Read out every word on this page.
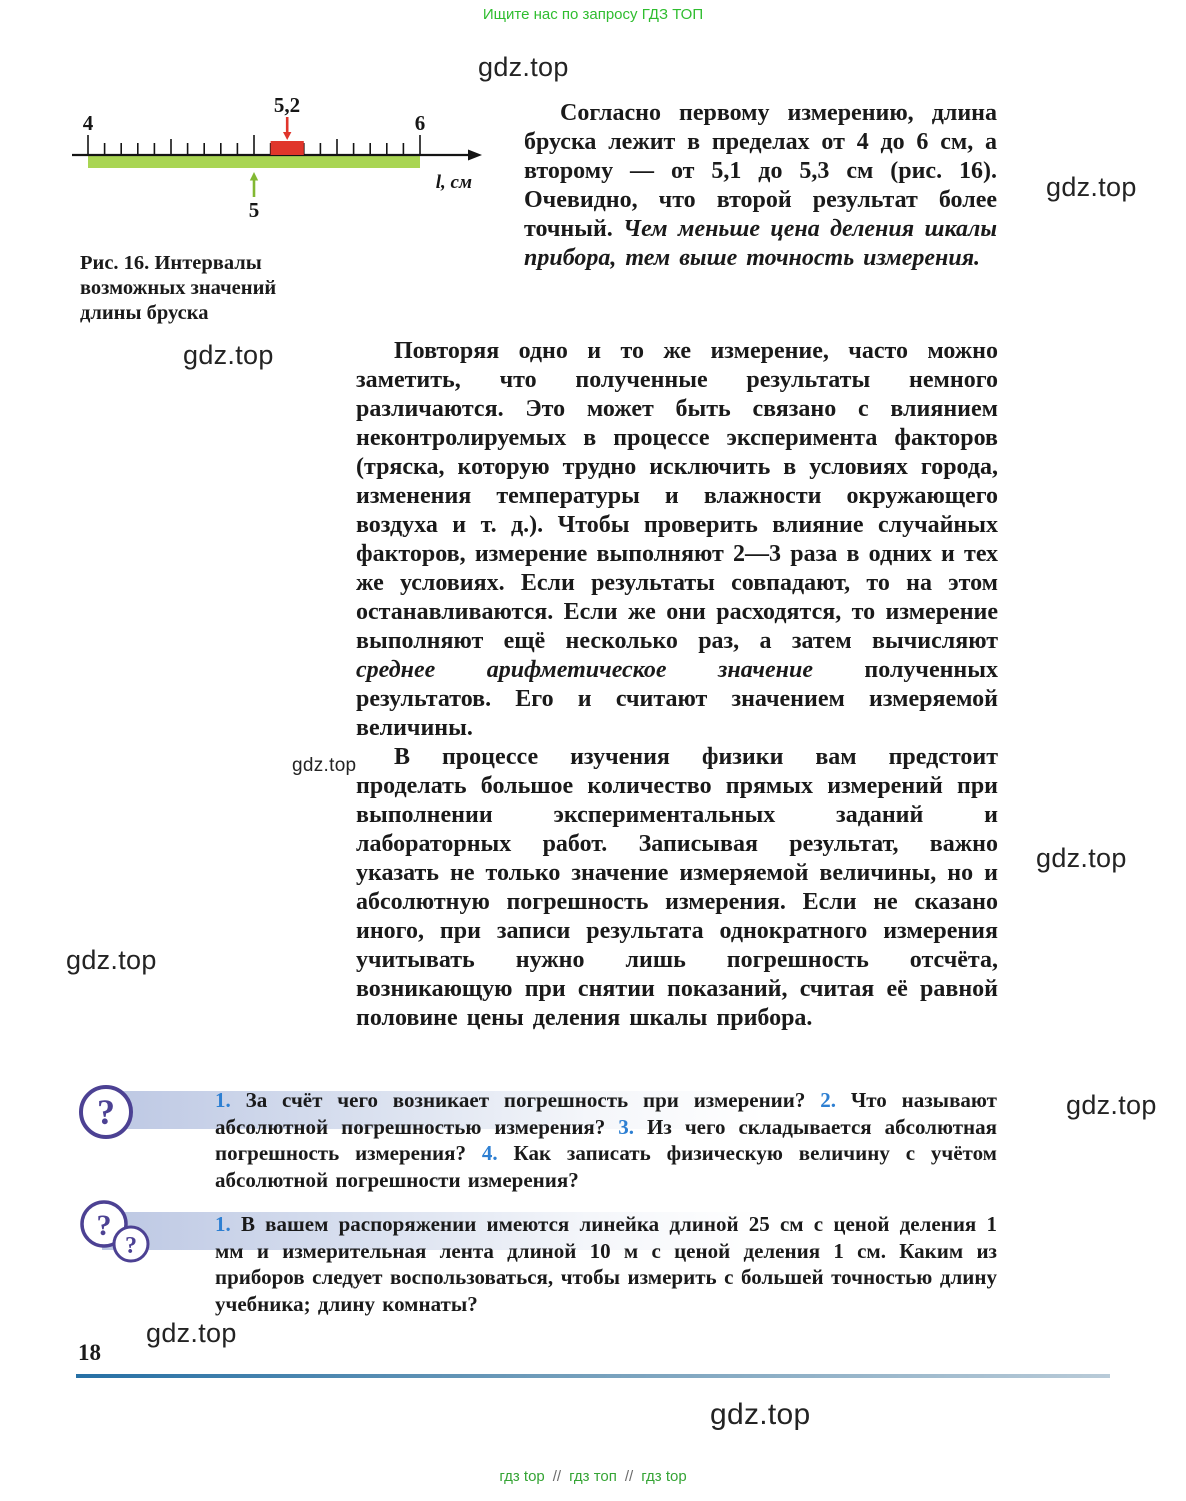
Ищите нас по запросу ГДЗ ТОП
gdz.top
gdz.top
gdz.top
gdz.top
gdz.top
gdz.top
gdz.top
gdz.top
gdz.top
5,2
4	6
5
l, см
Рис. 16. Интервалы возможных значений длины бруска
Согласно первому измерению, длина бруска лежит в пределах от 4 до 6 см, а второму — от 5,1 до 5,3 см (рис. 16). Очевидно, что второй результат более точный. Чем меньше цена деления шкалы прибора, тем выше точность измерения.

Повторяя одно и то же измерение, часто можно заметить, что полученные результаты немного различаются. Это может быть связано с влиянием неконтролируемых в процессе эксперимента факторов (тряска, которую трудно исключить в условиях города, изменения температуры и влажности окружающего воздуха и т. д.). Чтобы проверить влияние случайных факторов, измерение выполняют 2—3 раза в одних и тех же условиях. Если результаты совпадают, то на этом останавливаются. Если же они расходятся, то измерение выполняют ещё несколько раз, а затем вычисляют среднее арифметическое значение полученных результатов. Его и считают значением измеряемой величины.

В процессе изучения физики вам предстоит проделать большое количество прямых измерений при выполнении экспериментальных заданий и лабораторных работ. Записывая результат, важно указать не только значение измеряемой величины, но и абсолютную погрешность измерения. Если не сказано иного, при записи результата однократного измерения учитывать нужно лишь погрешность отсчёта, возникающую при снятии показаний, считая её равной половине цены деления шкалы прибора.

?	1. За счёт чего возникает погрешность при измерении? 2. Что называют абсолютной погрешностью измерения? 3. Из чего складывается абсолютная погрешность измерения? 4. Как записать физическую величину с учётом абсолютной погрешности измерения?
?
?
1. В вашем распоряжении имеются линейка длиной 25 см с ценой деления 1 мм и измерительная лента длиной 10 м с ценой деления 1 см. Каким из приборов следует воспользоваться, чтобы измерить с большей точностью длину учебника; длину комнаты?
18
гдз top // гдз топ // гдз top
